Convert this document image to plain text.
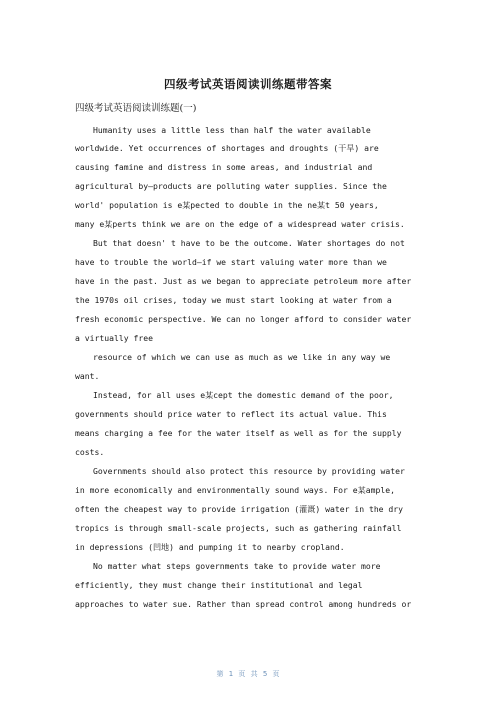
四级考试英语阅读训练题带答案
四级考试英语阅读训练题(一)
Humanity uses a little less than half the water available
worldwide. Yet occurrences of shortages and droughts (干旱) are
causing famine and distress in some areas, and industrial and
agricultural by—products are polluting water supplies. Since the
world' population is e某pected to double in the ne某t 50 years,
many e某perts think we are on the edge of a widespread water crisis.
But that doesn' t have to be the outcome. Water shortages do not
have to trouble the world—if we start valuing water more than we
have in the past. Just as we began to appreciate petroleum more after
the 1970s oil crises, today we must start looking at water from a
fresh economic perspective. We can no longer afford to consider water
a virtually free
resource of which we can use as much as we like in any way we
want.
Instead, for all uses e某cept the domestic demand of the poor,
governments should price water to reflect its actual value. This
means charging a fee for the water itself as well as for the supply
costs.
Governments should also protect this resource by providing water
in more economically and environmentally sound ways. For e某ample,
often the cheapest way to provide irrigation (灌溉) water in the dry
tropics is through small-scale projects, such as gathering rainfall
in depressions (凹地) and pumping it to nearby cropland.
No matter what steps governments take to provide water more
efficiently, they must change their institutional and legal
approaches to water sue. Rather than spread control among hundreds or
第 1 页 共 5 页
